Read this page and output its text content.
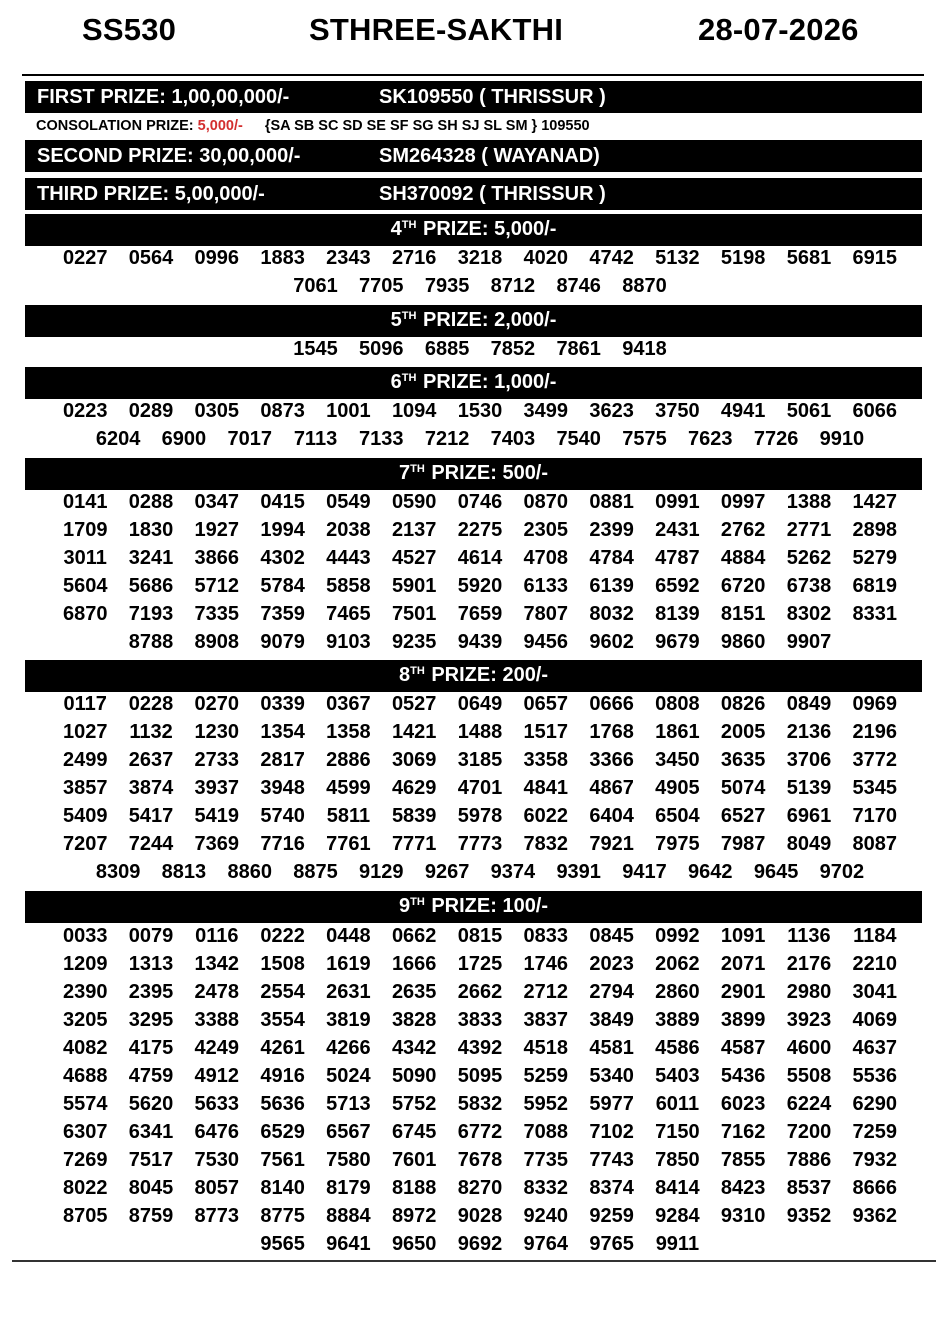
SS530	STHREE-SAKTHI	28-07-2026
FIRST PRIZE: 1,00,00,000/-	SK109550 ( THRISSUR )
CONSOLATION PRIZE: 5,000/- {SA SB SC SD SE SF SG SH SJ SL SM } 109550
SECOND PRIZE: 30,00,000/-	SM264328 ( WAYANAD)
THIRD PRIZE: 5,00,000/-	SH370092 ( THRISSUR )
4TH PRIZE: 5,000/-
0227	0564	0996	1883	2343	2716	3218	4020	4742	5132	5198	5681	6915
7061	7705	7935	8712	8746	8870
5TH PRIZE: 2,000/-
1545	5096	6885	7852	7861	9418
6TH PRIZE: 1,000/-
0223	0289	0305	0873	1001	1094	1530	3499	3623	3750	4941	5061	6066
6204	6900	7017	7113	7133	7212	7403	7540	7575	7623	7726	9910
7TH PRIZE: 500/-
0141	0288	0347	0415	0549	0590	0746	0870	0881	0991	0997	1388	1427
1709	1830	1927	1994	2038	2137	2275	2305	2399	2431	2762	2771	2898
3011	3241	3866	4302	4443	4527	4614	4708	4784	4787	4884	5262	5279
5604	5686	5712	5784	5858	5901	5920	6133	6139	6592	6720	6738	6819
6870	7193	7335	7359	7465	7501	7659	7807	8032	8139	8151	8302	8331
8788	8908	9079	9103	9235	9439	9456	9602	9679	9860	9907
8TH PRIZE: 200/-
0117	0228	0270	0339	0367	0527	0649	0657	0666	0808	0826	0849	0969
1027	1132	1230	1354	1358	1421	1488	1517	1768	1861	2005	2136	2196
2499	2637	2733	2817	2886	3069	3185	3358	3366	3450	3635	3706	3772
3857	3874	3937	3948	4599	4629	4701	4841	4867	4905	5074	5139	5345
5409	5417	5419	5740	5811	5839	5978	6022	6404	6504	6527	6961	7170
7207	7244	7369	7716	7761	7771	7773	7832	7921	7975	7987	8049	8087
8309	8813	8860	8875	9129	9267	9374	9391	9417	9642	9645	9702
9TH PRIZE: 100/-
0033	0079	0116	0222	0448	0662	0815	0833	0845	0992	1091	1136	1184
1209	1313	1342	1508	1619	1666	1725	1746	2023	2062	2071	2176	2210
2390	2395	2478	2554	2631	2635	2662	2712	2794	2860	2901	2980	3041
3205	3295	3388	3554	3819	3828	3833	3837	3849	3889	3899	3923	4069
4082	4175	4249	4261	4266	4342	4392	4518	4581	4586	4587	4600	4637
4688	4759	4912	4916	5024	5090	5095	5259	5340	5403	5436	5508	5536
5574	5620	5633	5636	5713	5752	5832	5952	5977	6011	6023	6224	6290
6307	6341	6476	6529	6567	6745	6772	7088	7102	7150	7162	7200	7259
7269	7517	7530	7561	7580	7601	7678	7735	7743	7850	7855	7886	7932
8022	8045	8057	8140	8179	8188	8270	8332	8374	8414	8423	8537	8666
8705	8759	8773	8775	8884	8972	9028	9240	9259	9284	9310	9352	9362
9565	9641	9650	9692	9764	9765	9911
